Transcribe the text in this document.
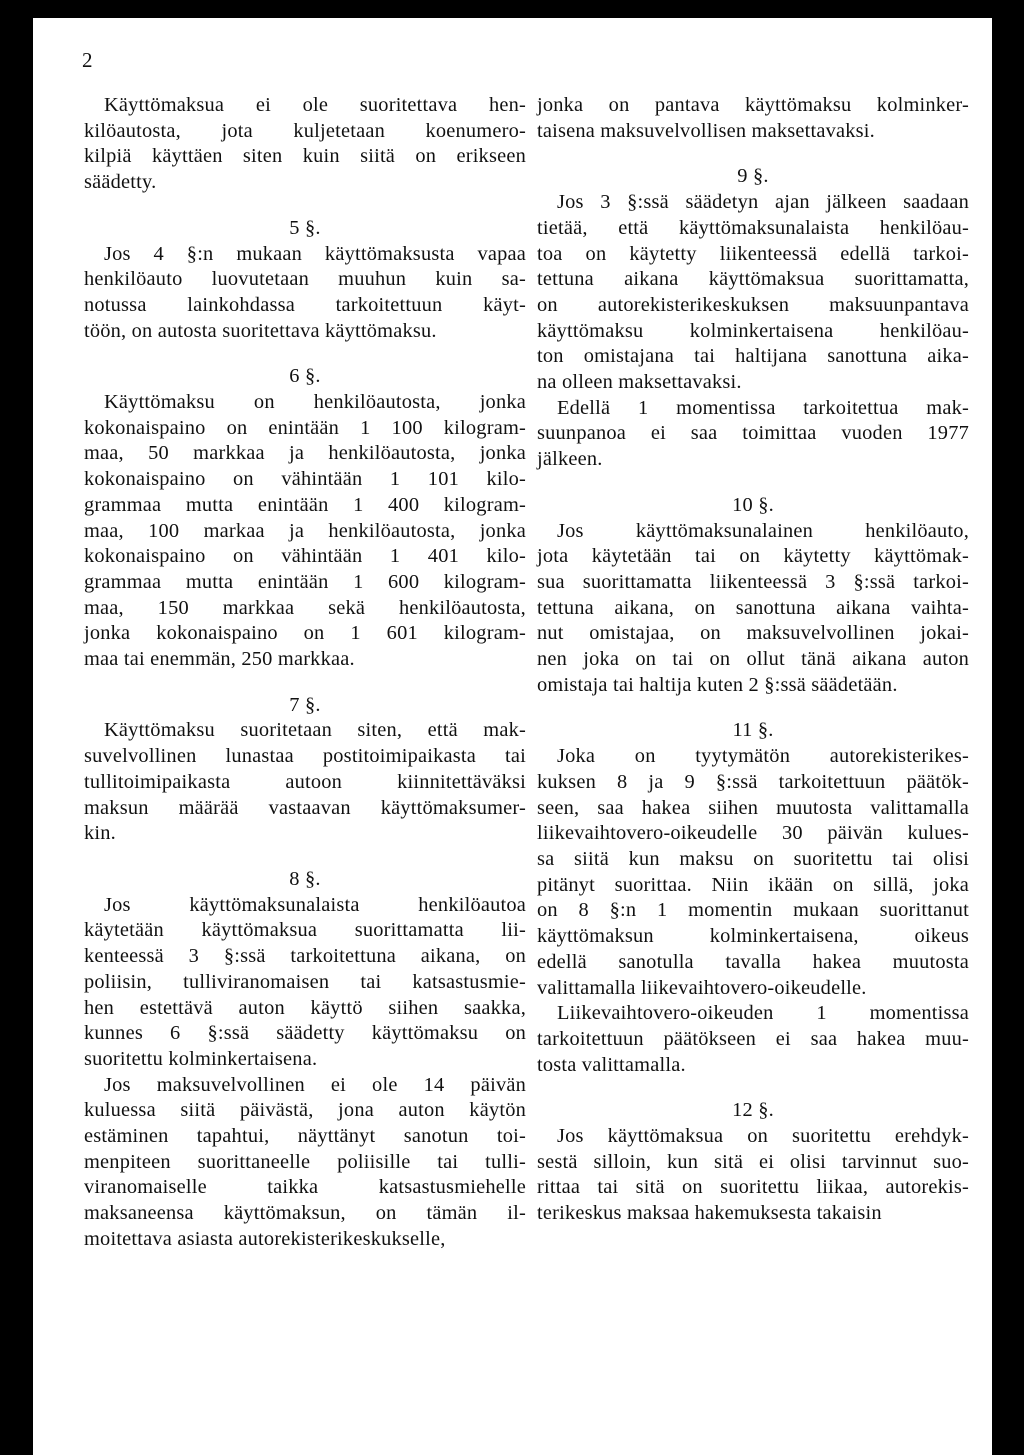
2
Käyttömaksua ei ole suoritettava hen-
kilöautosta, jota kuljetetaan koenumero-
kilpiä käyttäen siten kuin siitä on erikseen
säädetty.
5 §.
Jos 4 §:n mukaan käyttömaksusta vapaa
henkilöauto luovutetaan muuhun kuin sa-
notussa lainkohdassa tarkoitettuun käyt-
töön, on autosta suoritettava käyttömaksu.
6 §.
Käyttömaksu on henkilöautosta, jonka
kokonaispaino on enintään 1 100 kilogram-
maa, 50 markkaa ja henkilöautosta, jonka
kokonaispaino on vähintään 1 101 kilo-
grammaa mutta enintään 1 400 kilogram-
maa, 100 markaa ja henkilöautosta, jonka
kokonaispaino on vähintään 1 401 kilo-
grammaa mutta enintään 1 600 kilogram-
maa, 150 markkaa sekä henkilöautosta,
jonka kokonaispaino on 1 601 kilogram-
maa tai enemmän, 250 markkaa.
7 §.
Käyttömaksu suoritetaan siten, että mak-
suvelvollinen lunastaa postitoimipaikasta tai
tullitoimipaikasta autoon kiinnitettäväksi
maksun määrää vastaavan käyttömaksumer-
kin.
8 §.
Jos käyttömaksunalaista henkilöautoa
käytetään käyttömaksua suorittamatta lii-
kenteessä 3 §:ssä tarkoitettuna aikana, on
poliisin, tulliviranomaisen tai katsastusmie-
hen estettävä auton käyttö siihen saakka,
kunnes 6 §:ssä säädetty käyttömaksu on
suoritettu kolminkertaisena.
Jos maksuvelvollinen ei ole 14 päivän
kuluessa siitä päivästä, jona auton käytön
estäminen tapahtui, näyttänyt sanotun toi-
menpiteen suorittaneelle poliisille tai tulli-
viranomaiselle taikka katsastusmiehelle
maksaneensa käyttömaksun, on tämän il-
moitettava asiasta autorekisterikeskukselle,
jonka on pantava käyttömaksu kolminker-
taisena maksuvelvollisen maksettavaksi.
9 §.
Jos 3 §:ssä säädetyn ajan jälkeen saadaan
tietää, että käyttömaksunalaista henkilöau-
toa on käytetty liikenteessä edellä tarkoi-
tettuna aikana käyttömaksua suorittamatta,
on autorekisterikeskuksen maksuunpantava
käyttömaksu kolminkertaisena henkilöau-
ton omistajana tai haltijana sanottuna aika-
na olleen maksettavaksi.
Edellä 1 momentissa tarkoitettua mak-
suunpanoa ei saa toimittaa vuoden 1977
jälkeen.
10 §.
Jos käyttömaksunalainen henkilöauto,
jota käytetään tai on käytetty käyttömak-
sua suorittamatta liikenteessä 3 §:ssä tarkoi-
tettuna aikana, on sanottuna aikana vaihta-
nut omistajaa, on maksuvelvollinen jokai-
nen joka on tai on ollut tänä aikana auton
omistaja tai haltija kuten 2 §:ssä säädetään.
11 §.
Joka on tyytymätön autorekisterikes-
kuksen 8 ja 9 §:ssä tarkoitettuun päätök-
seen, saa hakea siihen muutosta valittamalla
liikevaihtovero-oikeudelle 30 päivän kulues-
sa siitä kun maksu on suoritettu tai olisi
pitänyt suorittaa. Niin ikään on sillä, joka
on 8 §:n 1 momentin mukaan suorittanut
käyttömaksun kolminkertaisena, oikeus
edellä sanotulla tavalla hakea muutosta
valittamalla liikevaihtovero-oikeudelle.
Liikevaihtovero-oikeuden 1 momentissa
tarkoitettuun päätökseen ei saa hakea muu-
tosta valittamalla.
12 §.
Jos käyttömaksua on suoritettu erehdyk-
sestä silloin, kun sitä ei olisi tarvinnut suo-
rittaa tai sitä on suoritettu liikaa, autorekis-
terikeskus maksaa hakemuksesta takaisin
